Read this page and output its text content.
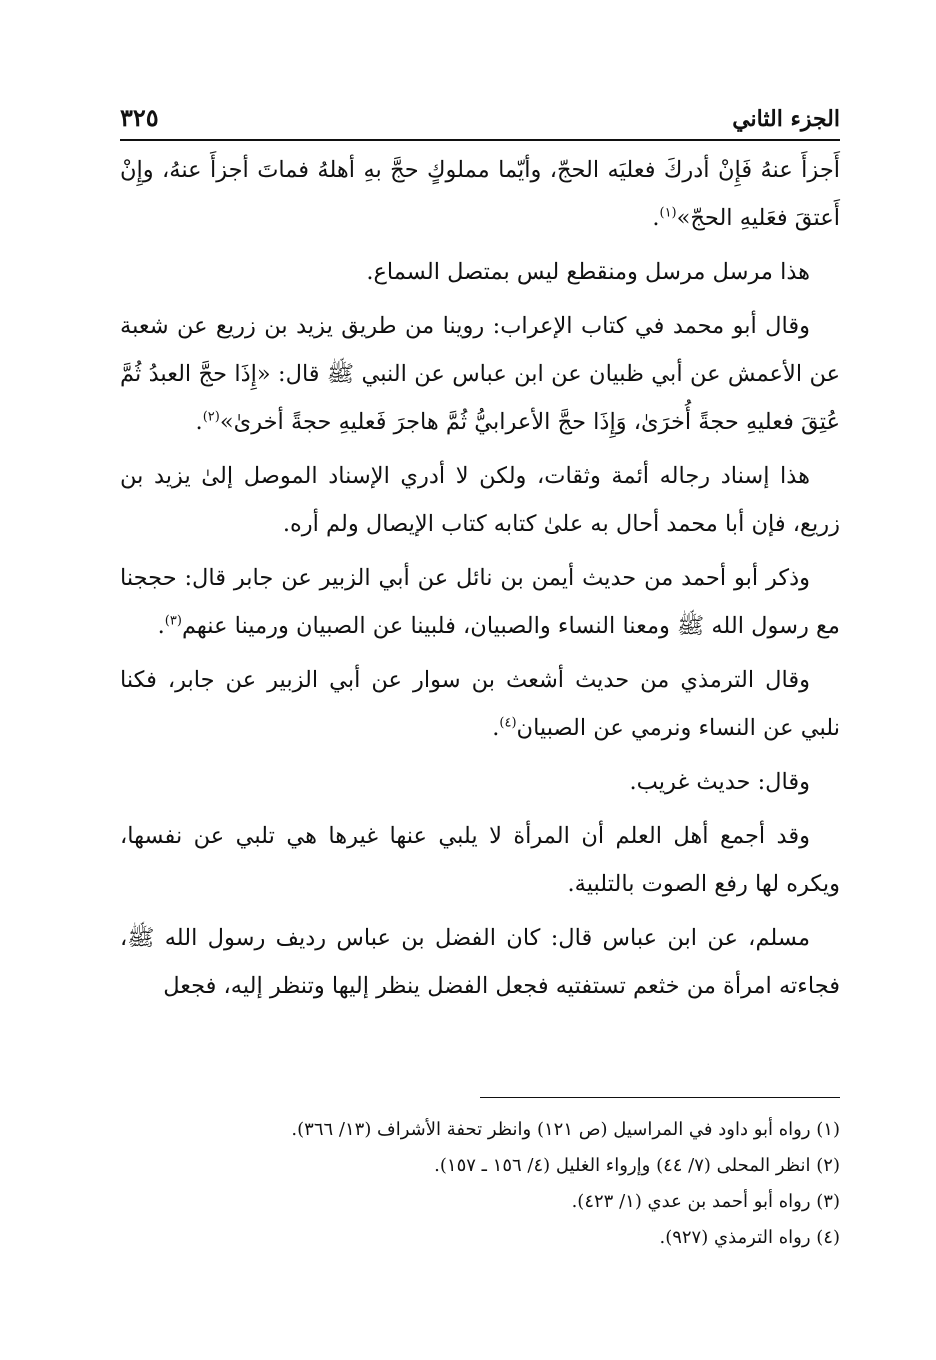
٣٢٥	الجزء الثاني

أَجزأَ عنهُ فَإِنْ أدركَ فعليَه الحجّ، وأيّما مملوكٍ حجَّ بهِ أهلهُ فماتَ أجزأَ عنهُ، وإِنْ أَعتقَ فعَليهِ الحجّ»$^{(١)}$.

هذا مرسل مرسل ومنقطع ليس بمتصل السماع.

وقال أبو محمد في كتاب الإعراب: روينا من طريق يزيد بن زريع عن شعبة عن الأعمش عن أبي ظبيان عن ابن عباس عن النبي ﷺ قال: «إِذَا حجَّ العبدُ ثُمَّ عُتِقَ فعليهِ حجةً أُخرَىٰ، وَإِذَا حجَّ الأعرابيُّ ثُمَّ هاجرَ فَعليهِ حجةً أخرىٰ»$^{(٢)}$.

هذا إسناد رجاله أئمة وثقات، ولكن لا أدري الإسناد الموصل إلىٰ يزيد بن زريع، فإن أبا محمد أحال به علىٰ كتابه كتاب الإيصال ولم أره.

وذكر أبو أحمد من حديث أيمن بن نائل عن أبي الزبير عن جابر قال: حججنا مع رسول الله ﷺ ومعنا النساء والصبيان، فلبينا عن الصبيان ورمينا عنهم$^{(٣)}$.

وقال الترمذي من حديث أشعث بن سوار عن أبي الزبير عن جابر، فكنا نلبي عن النساء ونرمي عن الصبيان$^{(٤)}$.

وقال: حديث غريب.

وقد أجمع أهل العلم أن المرأة لا يلبي عنها غيرها هي تلبي عن نفسها، ويكره لها رفع الصوت بالتلبية.

مسلم، عن ابن عباس قال: كان الفضل بن عباس رديف رسول الله ﷺ، فجاءته امرأة من خثعم تستفتيه فجعل الفضل ينظر إليها وتنظر إليه، فجعل

(١) رواه أبو داود في المراسيل (ص ١٢١) وانظر تحفة الأشراف (١٣/ ٣٦٦).
(٢) انظر المحلى (٧/ ٤٤) وإرواء الغليل (٤/ ١٥٦ ـ ١٥٧).
(٣) رواه أبو أحمد بن عدي (١/ ٤٢٣).
(٤) رواه الترمذي (٩٢٧).
